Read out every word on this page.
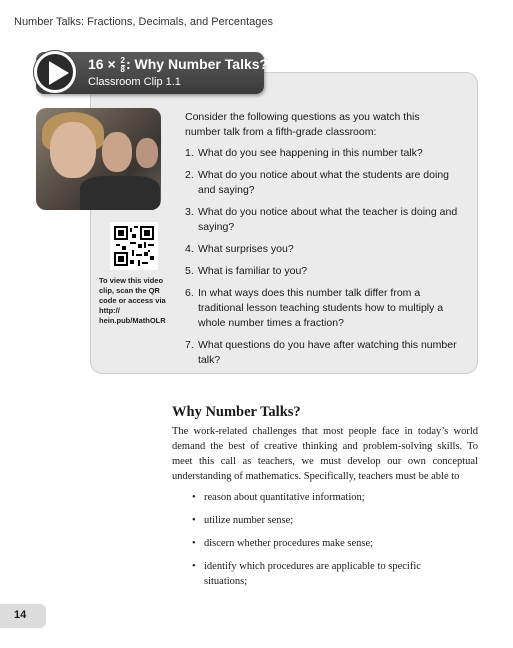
Number Talks: Fractions, Decimals, and Percentages
$16 \times \frac{2}{8}$ : Why Number Talks?
Classroom Clip 1.1
To view this video clip, scan the QR code or access via http:// hein.pub/MathOLR
Consider the following questions as you watch this number talk from a fifth-grade classroom:
1. What do you see happening in this number talk?
2. What do you notice about what the students are doing and saying?
3. What do you notice about what the teacher is doing and saying?
4. What surprises you?
5. What is familiar to you?
6. In what ways does this number talk differ from a traditional lesson teaching students how to multiply a whole number times a fraction?
7. What questions do you have after watching this number talk?
Why Number Talks?

The work-related challenges that most people face in today’s world demand the best of creative thinking and problem-solving skills. To meet this call as teachers, we must develop our own conceptual understanding of mathematics. Specifically, teachers must be able to

• reason about quantitative information;
• utilize number sense;
• discern whether procedures make sense;
• identify which procedures are applicable to specific situations;
14
